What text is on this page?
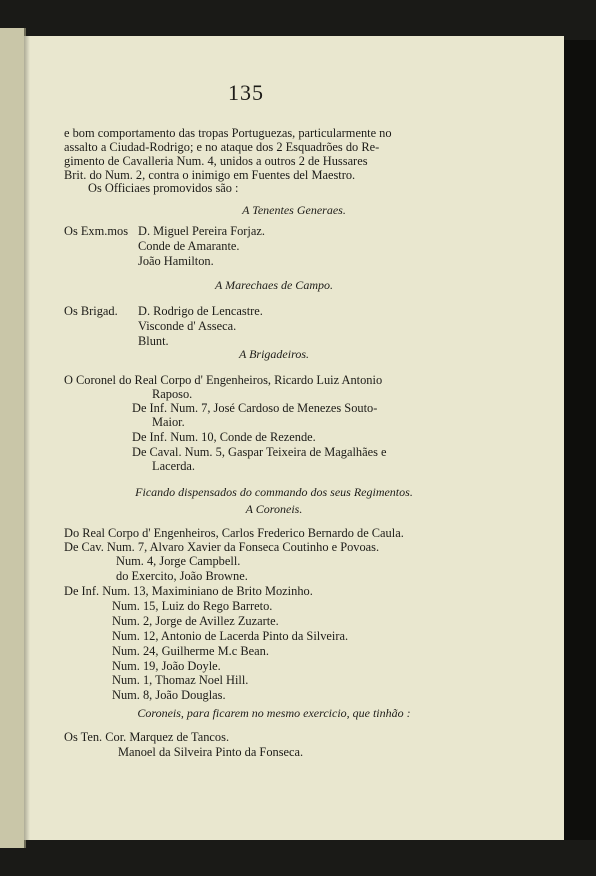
135
e bom comportamento das tropas Portuguezas, particularmente no
assalto a Ciudad-Rodrigo; e no ataque dos 2 Esquadrões do Re-
gimento de Cavalleria Num. 4, unidos a outros 2 de Hussares
Brit. do Num. 2, contra o inimigo em Fuentes del Maestro.
Os Officiaes promovidos são :
A Tenentes Generaes.
Os Exm.mos D. Miguel Pereira Forjaz.
Conde de Amarante.
João Hamilton.
A Marechaes de Campo.
Os Brigad. D. Rodrigo de Lencastre.
Visconde d' Asseca.
Blunt.
A Brigadeiros.
O Coronel do Real Corpo d' Engenheiros, Ricardo Luiz Antonio
Raposo.
De Inf. Num. 7, José Cardoso de Menezes Souto-
Maior.
De Inf. Num. 10, Conde de Rezende.
De Caval. Num. 5, Gaspar Teixeira de Magalhães e
Lacerda.
Ficando dispensados do commando dos seus Regimentos.
A Coroneis.
Do Real Corpo d' Engenheiros, Carlos Frederico Bernardo de Caula.
De Cav. Num. 7, Alvaro Xavier da Fonseca Coutinho e Povoas.
Num. 4, Jorge Campbell.
do Exercito, João Browne.
De Inf. Num. 13, Maximiniano de Brito Mozinho.
Num. 15, Luiz do Rego Barreto.
Num. 2, Jorge de Avillez Zuzarte.
Num. 12, Antonio de Lacerda Pinto da Silveira.
Num. 24, Guilherme M.c Bean.
Num. 19, João Doyle.
Num. 1, Thomaz Noel Hill.
Num. 8, João Douglas.
Coroneis, para ficarem no mesmo exercicio, que tinhão :
Os Ten. Cor. Marquez de Tancos.
Manoel da Silveira Pinto da Fonseca.
